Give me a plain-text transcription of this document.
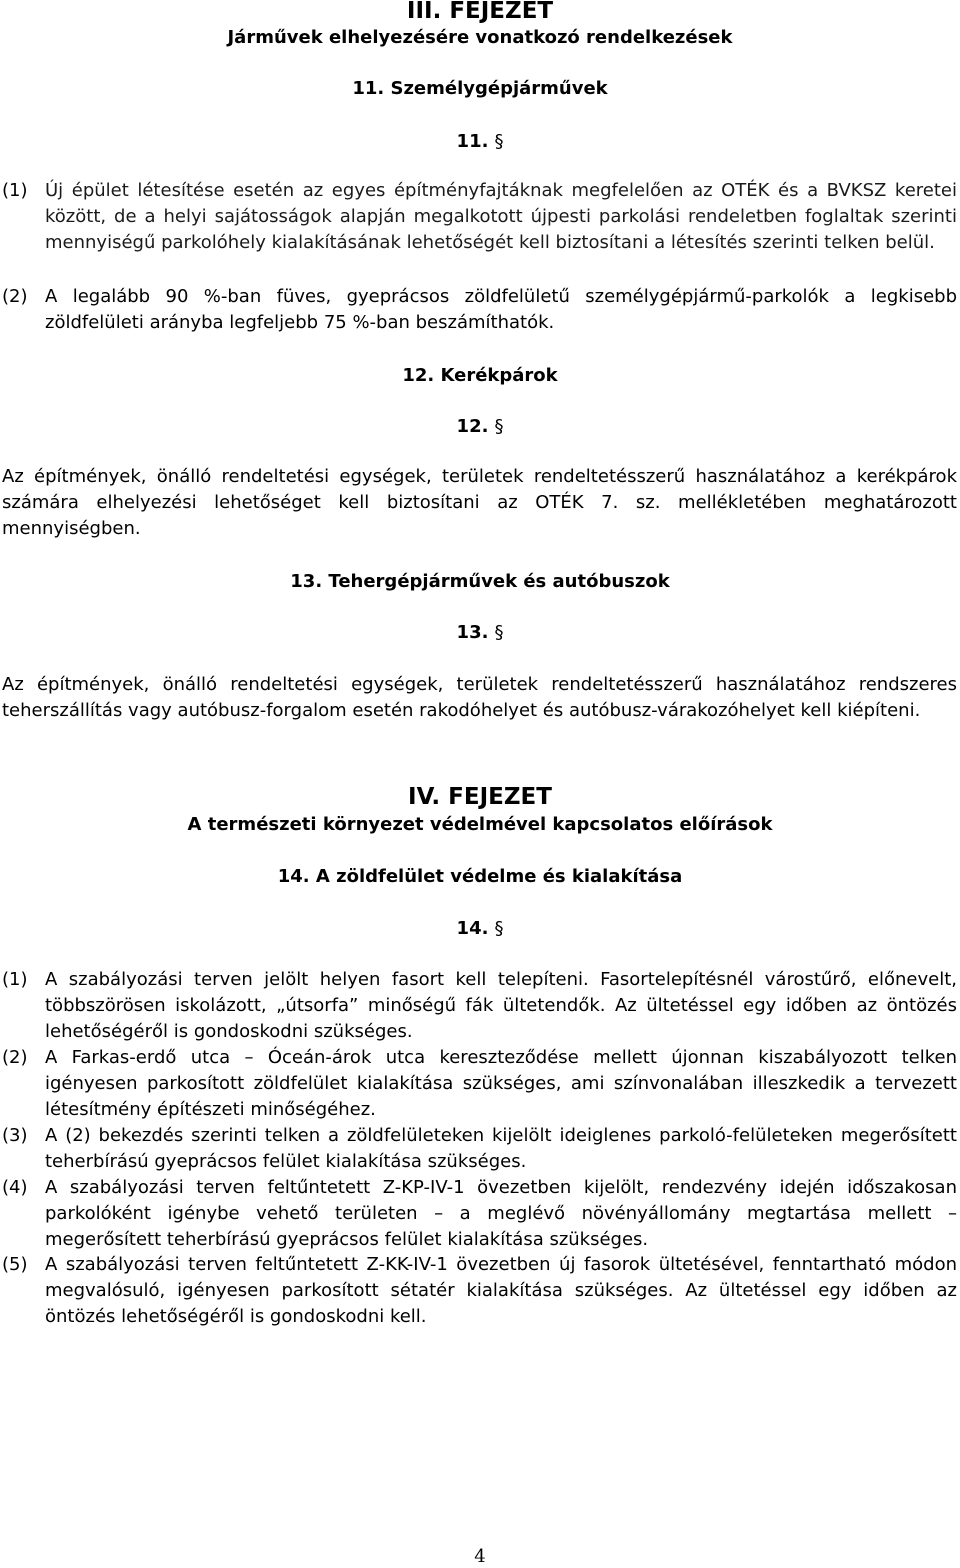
III. FEJEZET
Járművek elhelyezésére vonatkozó rendelkezések
11. Személygépjárművek
11. §
(1) Új épület létesítése esetén az egyes építményfajtáknak megfelelően az OTÉK és a BVKSZ keretei között, de a helyi sajátosságok alapján megalkotott újpesti parkolási rendeletben foglaltak szerinti mennyiségű parkolóhely kialakításának lehetőségét kell biztosítani a létesítés szerinti telken belül.
(2) A legalább 90 %-ban füves, gyeprácsos zöldfelületű személygépjármű-parkolók a legkisebb zöldfelületi arányba legfeljebb 75 %-ban beszámíthatók.
12. Kerékpárok
12. §
Az építmények, önálló rendeltetési egységek, területek rendeltetésszerű használatához a kerékpárok számára elhelyezési lehetőséget kell biztosítani az OTÉK 7. sz. mellékletében meghatározott mennyiségben.
13. Tehergépjárművek és autóbuszok
13. §
Az építmények, önálló rendeltetési egységek, területek rendeltetésszerű használatához rendszeres teherszállítás vagy autóbusz-forgalom esetén rakodóhelyet és autóbusz-várakozóhelyet kell kiépíteni.
IV. FEJEZET
A természeti környezet védelmével kapcsolatos előírások
14. A zöldfelület védelme és kialakítása
14. §
(1) A szabályozási terven jelölt helyen fasort kell telepíteni. Fasortelepítésnél várostűrő, előnevelt, többszörösen iskolázott, „útsorfa” minőségű fák ültetendők. Az ültetéssel egy időben az öntözés lehetőségéről is gondoskodni szükséges.
(2) A Farkas-erdő utca – Óceán-árok utca kereszteződése mellett újonnan kiszabályozott telken igényesen parkosított zöldfelület kialakítása szükséges, ami színvonalában illeszkedik a tervezett létesítmény építészeti minőségéhez.
(3) A (2) bekezdés szerinti telken a zöldfelületeken kijelölt ideiglenes parkoló-felületeken megerősített teherbírású gyeprácsos felület kialakítása szükséges.
(4) A szabályozási terven feltűntetett Z-KP-IV-1 övezetben kijelölt, rendezvény idején időszakosan parkolóként igénybe vehető területen – a meglévő növényállomány megtartása mellett – megerősített teherbírású gyeprácsos felület kialakítása szükséges.
(5) A szabályozási terven feltűntetett Z-KK-IV-1 övezetben új fasorok ültetésével, fenntartható módon megvalósuló, igényesen parkosított sétatér kialakítása szükséges. Az ültetéssel egy időben az öntözés lehetőségéről is gondoskodni kell.
4
